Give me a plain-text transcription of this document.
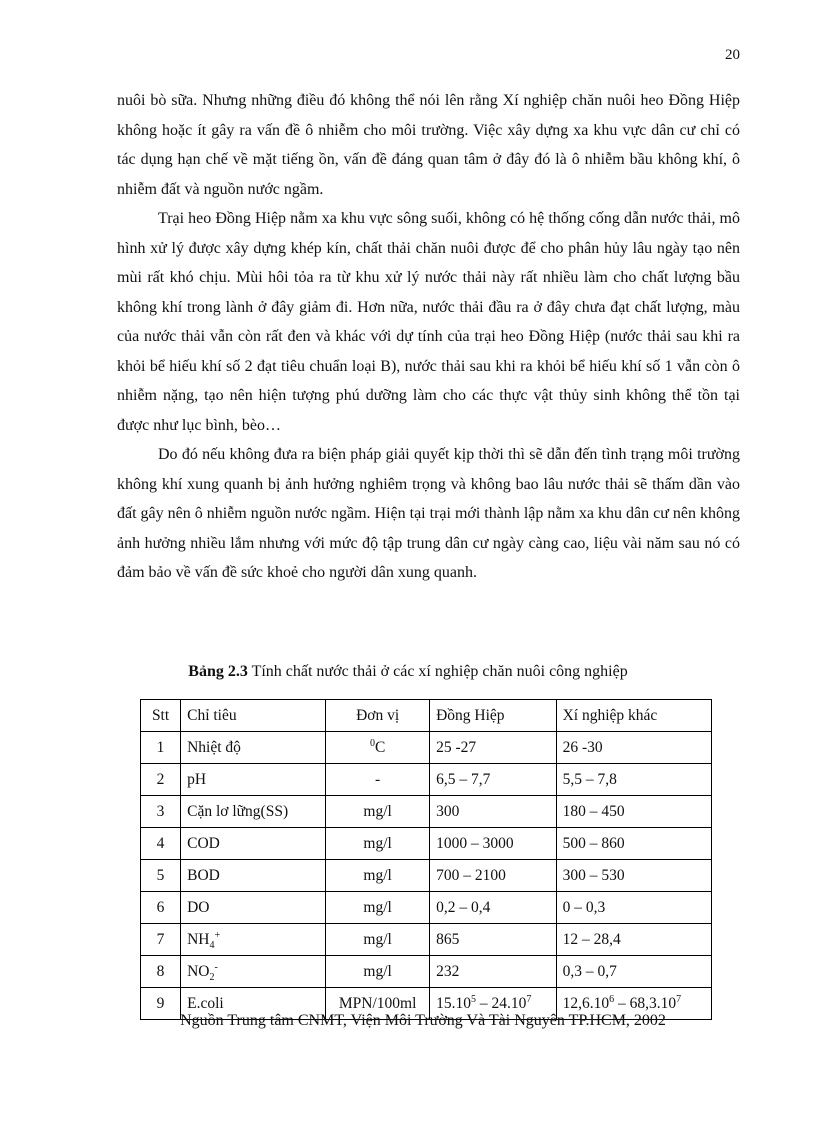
20

nuôi bò sữa. Nhưng những điều đó không thể nói lên rằng Xí nghiệp chăn nuôi heo Đồng Hiệp không hoặc ít gây ra vấn đề ô nhiễm cho môi trường. Việc xây dựng xa khu vực dân cư chỉ có tác dụng hạn chế về mặt tiếng ồn, vấn đề đáng quan tâm ở đây đó là ô nhiễm bầu không khí, ô nhiễm đất và nguồn nước ngầm.

Trại heo Đồng Hiệp nằm xa khu vực sông suối, không có hệ thống cống dẫn nước thải, mô hình xử lý được xây dựng khép kín, chất thải chăn nuôi được để cho phân hủy lâu ngày tạo nên mùi rất khó chịu. Mùi hôi tỏa ra từ khu xử lý nước thải này rất nhiều làm cho chất lượng bầu không khí trong lành ở đây giảm đi. Hơn nữa, nước thải đầu ra ở đây chưa đạt chất lượng, màu của nước thải vẫn còn rất đen và khác với dự tính của trại heo Đồng Hiệp (nước thải sau khi ra khỏi bể hiếu khí số 2 đạt tiêu chuẩn loại B), nước thải sau khi ra khỏi bể hiếu khí số 1 vẫn còn ô nhiễm nặng, tạo nên hiện tượng phú dưỡng làm cho các thực vật thủy sinh không thể tồn tại được như lục bình, bèo…

Do đó nếu không đưa ra biện pháp giải quyết kịp thời thì sẽ dẫn đến tình trạng môi trường không khí xung quanh bị ảnh hưởng nghiêm trọng và không bao lâu nước thải sẽ thấm dần vào đất gây nên ô nhiễm nguồn nước ngầm. Hiện tại trại mới thành lập nằm xa khu dân cư nên không ảnh hưởng nhiều lắm nhưng với mức độ tập trung dân cư ngày càng cao, liệu vài năm sau nó có đảm bảo về vấn đề sức khoẻ cho người dân xung quanh.

Bảng 2.3 Tính chất nước thải ở các xí nghiệp chăn nuôi công nghiệp
Stt	Chỉ tiêu	Đơn vị	Đồng Hiệp	Xí nghiệp khác
1	Nhiệt độ	$^0$C	25 -27	26 -30
2	pH	-	6,5 – 7,7	5,5 – 7,8
3	Cặn lơ lững(SS)	mg/l	300	180 – 450
4	COD	mg/l	1000 – 3000	500 – 860
5	BOD	mg/l	700 – 2100	300 – 530
6	DO	mg/l	0,2 – 0,4	0 – 0,3
7	$NH_4^+$	mg/l	865	12 – 28,4
8	$NO_2^-$	mg/l	232	0,3 – 0,7
9	E.coli	MPN/100ml	15.10$^5$ – 24.10$^7$	12,6.10$^6$ – 68,3.10$^7$
Nguồn Trung tâm CNMT, Viện Môi Trường Và Tài Nguyên TP.HCM, 2002
